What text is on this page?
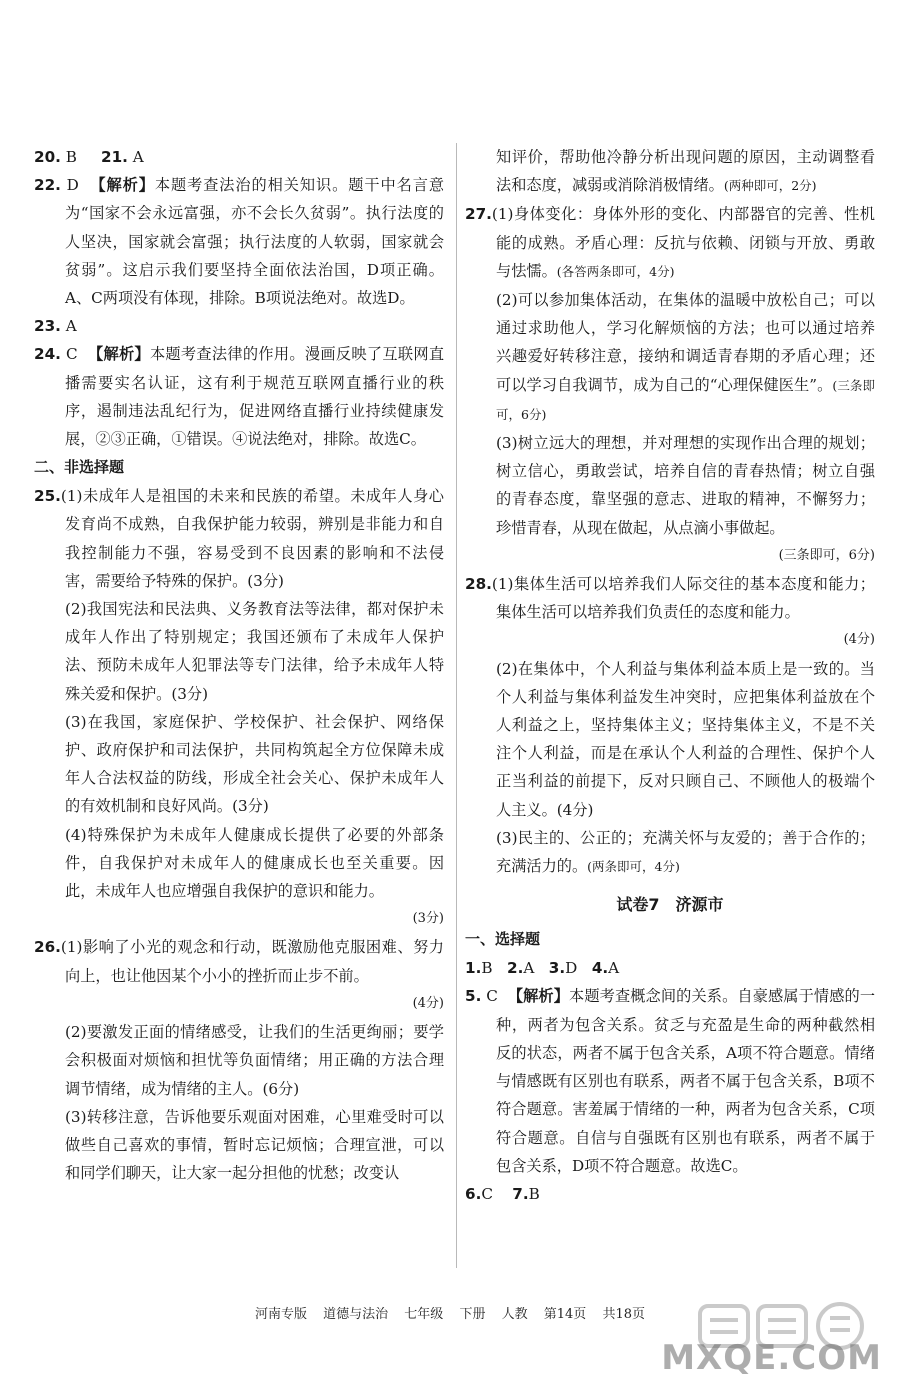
20. B 21. A

22. D 【解析】本题考查法治的相关知识。题干中名言意为“国家不会永远富强，亦不会长久贫弱”。执行法度的人坚决，国家就会富强；执行法度的人软弱，国家就会贫弱”。这启示我们要坚持全面依法治国，D项正确。A、C两项没有体现，排除。B项说法绝对。故选D。

23. A

24. C 【解析】本题考查法律的作用。漫画反映了互联网直播需要实名认证，这有利于规范互联网直播行业的秩序，遏制违法乱纪行为，促进网络直播行业持续健康发展，②③正确，①错误。④说法绝对，排除。故选C。

二、非选择题

25.(1)未成年人是祖国的未来和民族的希望。未成年人身心发育尚不成熟，自我保护能力较弱，辨别是非能力和自我控制能力不强，容易受到不良因素的影响和不法侵害，需要给予特殊的保护。(3分)

(2)我国宪法和民法典、义务教育法等法律，都对保护未成年人作出了特别规定；我国还颁布了未成年人保护法、预防未成年人犯罪法等专门法律，给予未成年人特殊关爱和保护。(3分)

(3)在我国，家庭保护、学校保护、社会保护、网络保护、政府保护和司法保护，共同构筑起全方位保障未成年人合法权益的防线，形成全社会关心、保护未成年人的有效机制和良好风尚。(3分)

(4)特殊保护为未成年人健康成长提供了必要的外部条件，自我保护对未成年人的健康成长也至关重要。因此，未成年人也应增强自我保护的意识和能力。

(3分)

26.(1)影响了小光的观念和行动，既激励他克服困难、努力向上，也让他因某个小小的挫折而止步不前。

(4分)

(2)要激发正面的情绪感受，让我们的生活更绚丽；要学会积极面对烦恼和担忧等负面情绪；用正确的方法合理调节情绪，成为情绪的主人。(6分)

(3)转移注意，告诉他要乐观面对困难，心里难受时可以做些自己喜欢的事情，暂时忘记烦恼；合理宣泄，可以和同学们聊天，让大家一起分担他的忧愁；改变认

知评价，帮助他冷静分析出现问题的原因，主动调整看法和态度，减弱或消除消极情绪。(两种即可，2分)

27.(1)身体变化：身体外形的变化、内部器官的完善、性机能的成熟。矛盾心理：反抗与依赖、闭锁与开放、勇敢与怯懦。(各答两条即可，4分)

(2)可以参加集体活动，在集体的温暖中放松自己；可以通过求助他人，学习化解烦恼的方法；也可以通过培养兴趣爱好转移注意，接纳和调适青春期的矛盾心理；还可以学习自我调节，成为自己的“心理保健医生”。(三条即可，6分)

(3)树立远大的理想，并对理想的实现作出合理的规划；树立信心，勇敢尝试，培养自信的青春热情；树立自强的青春态度，靠坚强的意志、进取的精神，不懈努力；珍惜青春，从现在做起，从点滴小事做起。

(三条即可，6分)

28.(1)集体生活可以培养我们人际交往的基本态度和能力；集体生活可以培养我们负责任的态度和能力。

(4分)

(2)在集体中，个人利益与集体利益本质上是一致的。当个人利益与集体利益发生冲突时，应把集体利益放在个人利益之上，坚持集体主义；坚持集体主义，不是不关注个人利益，而是在承认个人利益的合理性、保护个人正当利益的前提下，反对只顾自己、不顾他人的极端个人主义。(4分)

(3)民主的、公正的；充满关怀与友爱的；善于合作的；充满活力的。(两条即可，4分)

试卷7　济源市

一、选择题

1.B 2.A 3.D 4.A

5. C 【解析】本题考查概念间的关系。自豪感属于情感的一种，两者为包含关系。贫乏与充盈是生命的两种截然相反的状态，两者不属于包含关系，A项不符合题意。情绪与情感既有区别也有联系，两者不属于包含关系，B项不符合题意。害羞属于情绪的一种，两者为包含关系，C项符合题意。自信与自强既有区别也有联系，两者不属于包含关系，D项不符合题意。故选C。

6.C 7.B

河南专版 道德与法治 七年级 下册 人教 第14页 共18页
MXQE.COM
